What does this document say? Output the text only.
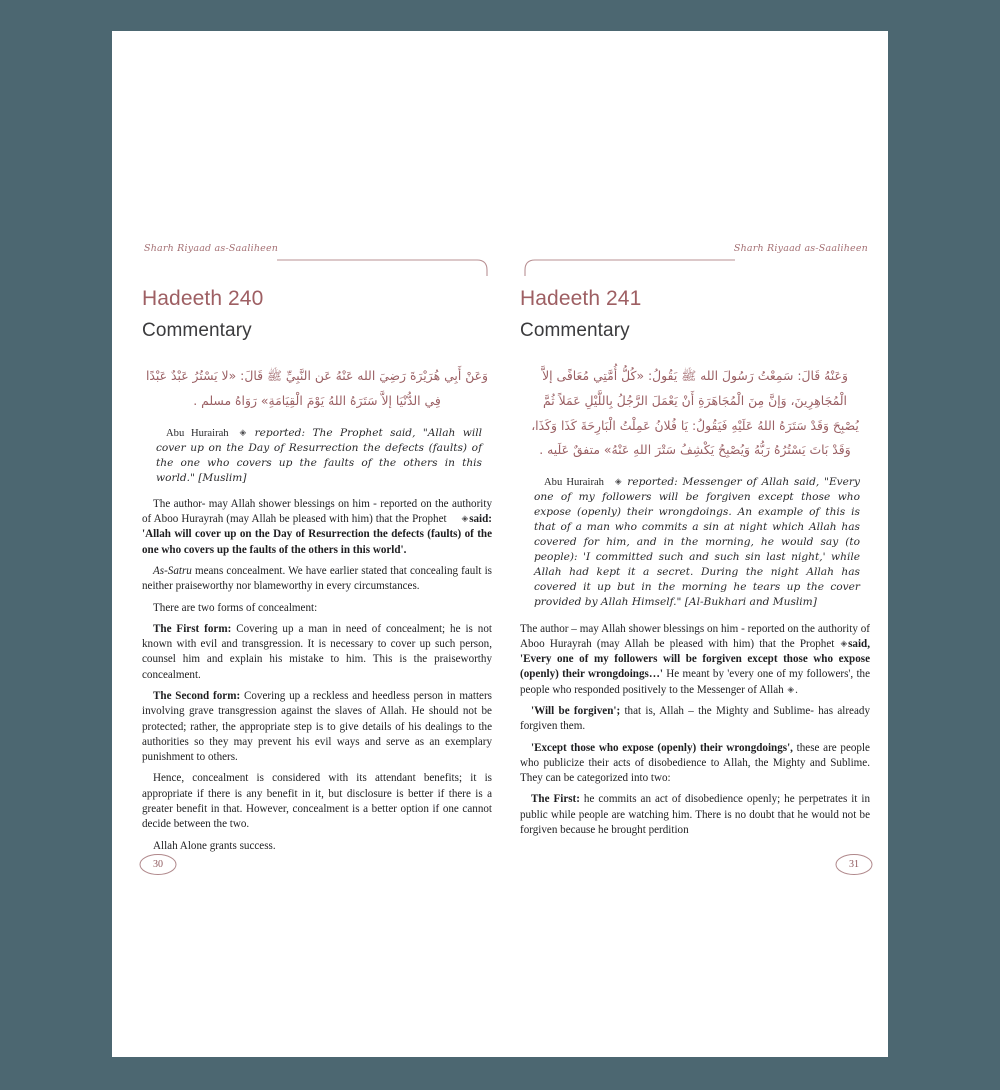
Sharh Riyaad as-Saaliheen
Hadeeth 240
Commentary
وَعَنْ أَبِي هُرَيْرَةَ رَضِيَ الله عَنْهُ عَن النَّبِيِّ ﷺ قَالَ: «لا يَسْتُرُ عَبْدٌ عَبْدًا
فِي الدُّنْيَا إلاَّ سَتَرَهُ اللهُ يَوْمَ الْقِيَامَةِ» رَوَاهُ مسلم .
Abu Hurairah ◈ reported: The Prophet said, "Allah will cover up on the Day of Resurrection the defects (faults) of the one who covers up the faults of the others in this world." [Muslim]

The author- may Allah shower blessings on him - reported on the authority of Aboo Hurayrah (may Allah be pleased with him) that the Prophet ◈said: 'Allah will cover up on the Day of Resurrection the defects (faults) of the one who covers up the faults of the others in this world'.

As-Satru means concealment. We have earlier stated that concealing fault is neither praiseworthy nor blameworthy in every circumstances.

There are two forms of concealment:

The First form: Covering up a man in need of concealment; he is not known with evil and transgression. It is necessary to cover up such person, counsel him and explain his mistake to him. This is the praiseworthy concealment.

The Second form: Covering up a reckless and heedless person in matters involving grave transgression against the slaves of Allah. He should not be protected; rather, the appropriate step is to give details of his dealings to the authorities so they may prevent his evil ways and serve as an exemplary punishment to others.

Hence, concealment is considered with its attendant benefits; it is appropriate if there is any benefit in it, but disclosure is better if there is a greater benefit in that. However, concealment is a better option if one cannot decide between the two.

Allah Alone grants success.

30
Sharh Riyaad as-Saaliheen
Hadeeth 241
Commentary
وَعَنْهُ قَالَ: سَمِعْتُ رَسُولَ الله ﷺ يَقُولُ: «كُلُّ أُمَّتِي مُعَافًى إلاَّ
الْمُجَاهِرِينَ، وَإنَّ مِنَ الْمُجَاهَرَةِ أَنْ يَعْمَلَ الرَّجُلُ بِاللَّيْلِ عَمَلاً ثُمَّ
يُصْبِحَ وَقَدْ سَتَرَهُ اللهُ عَلَيْهِ فَيَقُولُ: يَا فُلانُ عَمِلْتُ الْبَارِحَةَ كَذَا وَكَذَا،
وَقَدْ بَاتَ يَسْتُرُهُ رَبُّهُ وَيُصْبِحُ يَكْشِفُ سَتْرَ اللهِ عَنْهُ» متفقٌ عَلَيه .
Abu Hurairah ◈ reported: Messenger of Allah said, "Every one of my followers will be forgiven except those who expose (openly) their wrongdoings. An example of this is that of a man who commits a sin at night which Allah has covered for him, and in the morning, he would say (to people): 'I committed such and such sin last night,' while Allah had kept it a secret. During the night Allah has covered it up but in the morning he tears up the cover provided by Allah Himself." [Al-Bukhari and Muslim]

The author – may Allah shower blessings on him - reported on the authority of Aboo Hurayrah (may Allah be pleased with him) that the Prophet ◈said, 'Every one of my followers will be forgiven except those who expose (openly) their wrongdoings…' He meant by 'every one of my followers', the people who responded positively to the Messenger of Allah ◈.

'Will be forgiven'; that is, Allah – the Mighty and Sublime- has already forgiven them.

'Except those who expose (openly) their wrongdoings', these are people who publicize their acts of disobedience to Allah, the Mighty and Sublime. They can be categorized into two:

The First: he commits an act of disobedience openly; he perpetrates it in public while people are watching him. There is no doubt that he would not be forgiven because he brought perdition

31
